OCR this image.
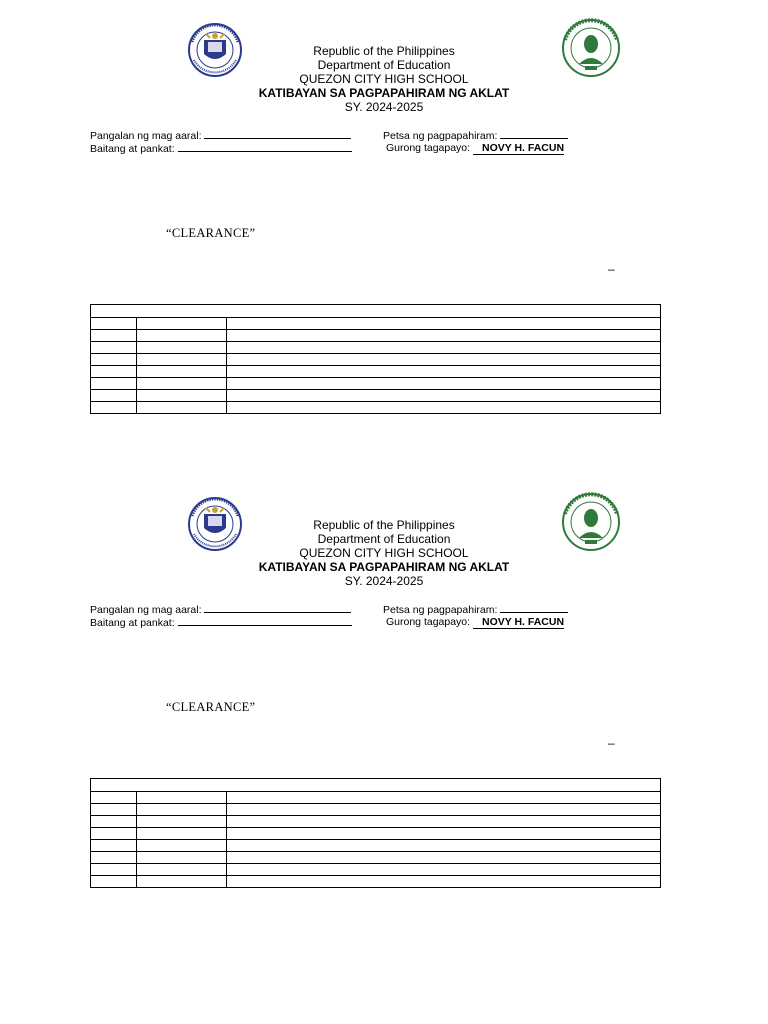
Republic of the Philippines
Department of Education
QUEZON CITY HIGH SCHOOL
KATIBAYAN SA PAGPAPAHIRAM NG AKLAT
SY. 2024-2025
Pangalan ng mag aaral:	Petsa ng pagpapahiram:
Baitang at pankat:	Gurong tagapayo: NOVY H. FACUN
“CLEARANCE”
–

Republic of the Philippines
Department of Education
QUEZON CITY HIGH SCHOOL
KATIBAYAN SA PAGPAPAHIRAM NG AKLAT
SY. 2024-2025
Pangalan ng mag aaral:	Petsa ng pagpapahiram:
Baitang at pankat:	Gurong tagapayo: NOVY H. FACUN
“CLEARANCE”
–
